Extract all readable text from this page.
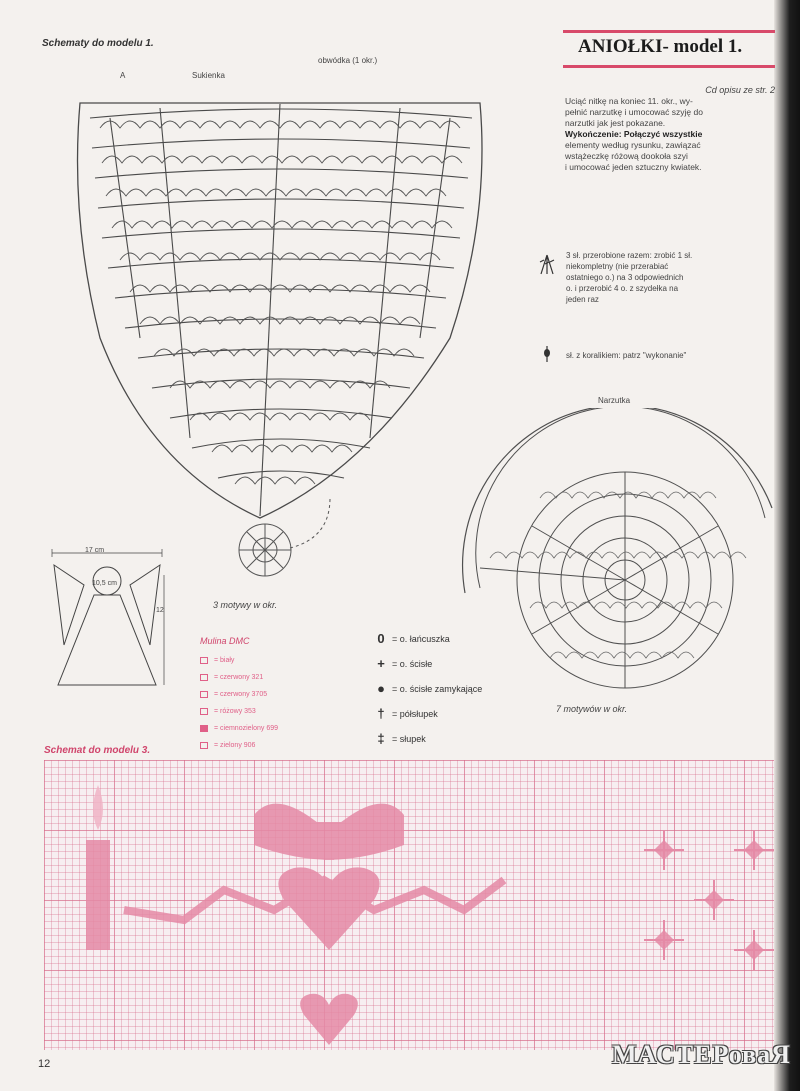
ANIOŁKI- model 1.
Schematy do modelu 1.
A	Sukienka
obwódka (1 okr.)
3 motywy w okr.
Cd opisu ze str. 2
Uciąć nitkę na koniec 11. okr., wy-
pełnić narzutkę i umocować szyję do
narzutki jak jest pokazane.
Wykończenie: Połączyć wszystkie
elementy według rysunku, zawiązać
wstążeczkę różową dookoła szyi
i umocować jeden sztuczny kwiatek.
3 sł. przerobione razem: zrobić 1 sł.
niekompletny (nie przerabiać
ostatniego o.) na 3 odpowiednich
o. i przerobić 4 o. z szydełka na
jeden raz
sł. z koralikiem: patrz "wykonanie"
Narzutka
7 motywów w okr.
17 cm
10,5 cm
12
Mulina DMC
= biały
= czerwony 321
= czerwony 3705
= różowy 353
= ciemnozielony 699
= zielony 906
0 = o. łańcuszka
+ = o. ścisłe
● = o. ścisłe zamykające
† = półsłupek
‡ = słupek
Schemat do modelu 3.
12	МАСТЕРоваЯ
